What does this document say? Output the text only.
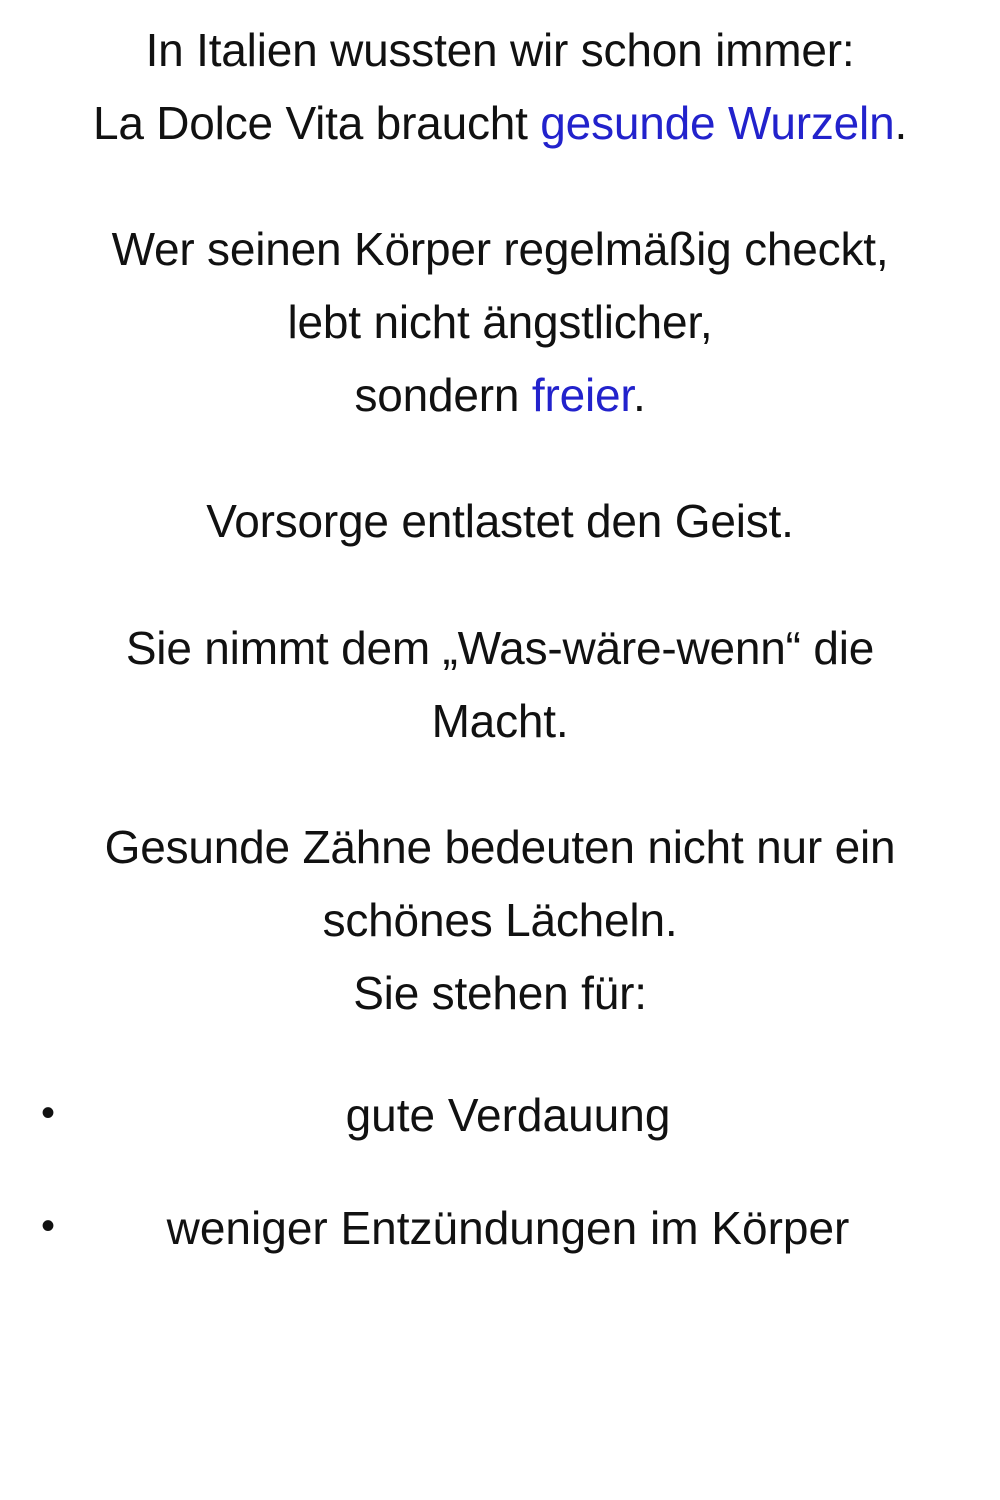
In Italien wussten wir schon immer:
La Dolce Vita braucht gesunde Wurzeln.

Wer seinen Körper regelmäßig checkt,
lebt nicht ängstlicher,
sondern freier.

Vorsorge entlastet den Geist.

Sie nimmt dem „Was-wäre-wenn“ die
Macht.

Gesunde Zähne bedeuten nicht nur ein
schönes Lächeln.
Sie stehen für:

•	gute Verdauung
•	weniger Entzündungen im Körper
